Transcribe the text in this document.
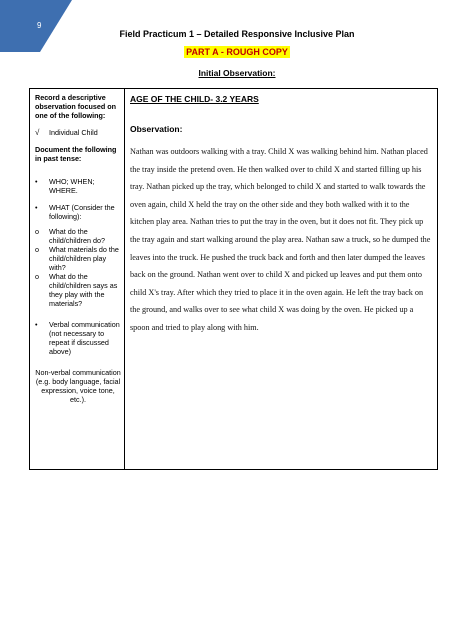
9
Field Practicum 1 – Detailed Responsive Inclusive Plan
PART A - ROUGH COPY
Initial Observation:
Record a descriptive observation focused on one of the following:
√	Individual Child
Document the following in past tense:
•	WHO; WHEN; WHERE.
•	WHAT (Consider the following):
o	What do the child/children do?
o	What materials do the child/children play with?
o	What do the child/children says as they play with the materials?
•	Verbal communication (not necessary to repeat if discussed above)
Non-verbal communication (e.g. body language, facial expression, voice tone, etc.).
AGE OF THE CHILD- 3.2 YEARS
Observation:
Nathan was outdoors walking with a tray. Child X was walking behind him. Nathan placed the tray inside the pretend oven. He then walked over to child X and started filling up his tray. Nathan picked up the tray, which belonged to child X and started to walk towards the oven again, child X held the tray on the other side and they both walked with it to the kitchen play area. Nathan tries to put the tray in the oven, but it does not fit. They pick up the tray again and start walking around the play area. Nathan saw a truck, so he dumped the leaves into the truck. He pushed the truck back and forth and then later dumped the leaves back on the ground. Nathan went over to child X and picked up leaves and put them onto child X's tray. After which they tried to place it in the oven again. He left the tray back on the ground, and walks over to see what child X was doing by the oven. He picked up a spoon and tried to play along with him.
